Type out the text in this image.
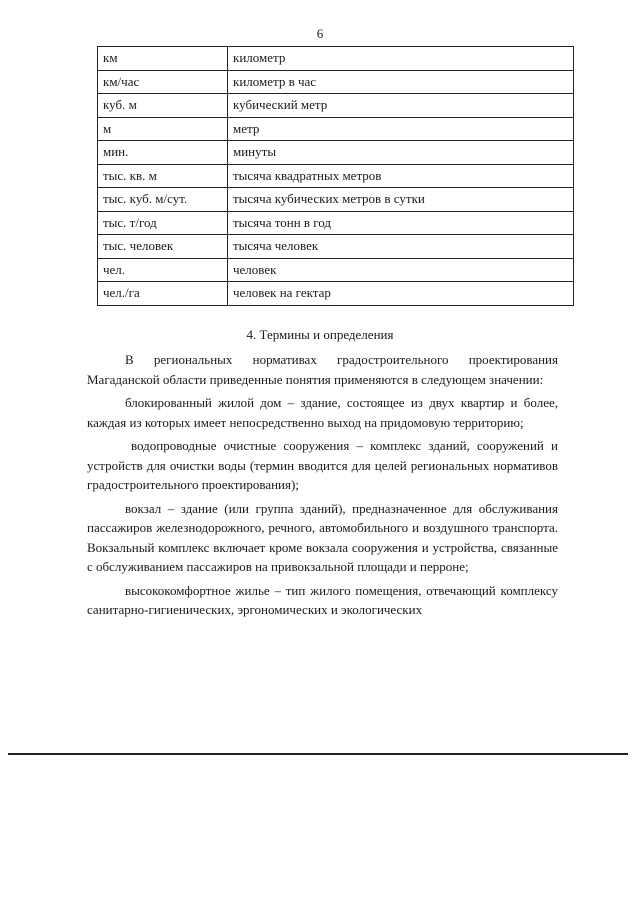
6
км	километр
км/час	километр в час
куб. м	кубический метр
м	метр
мин.	минуты
тыс. кв. м	тысяча квадратных метров
тыс. куб. м/сут.	тысяча кубических метров в сутки
тыс. т/год	тысяча тонн в год
тыс. человек	тысяча человек
чел.	человек
чел./га	человек на гектар
4. Термины и определения

В региональных нормативах градостроительного проектирования Магаданской области приведенные понятия применяются в следующем значении:

блокированный жилой дом – здание, состоящее из двух квартир и более, каждая из которых имеет непосредственно выход на придомовую территорию;

водопроводные очистные сооружения – комплекс зданий, сооружений и устройств для очистки воды (термин вводится для целей региональных нормативов градостроительного проектирования);

вокзал – здание (или группа зданий), предназначенное для обслуживания пассажиров железнодорожного, речного, автомобильного и воздушного транспорта. Вокзальный комплекс включает кроме вокзала сооружения и устройства, связанные с обслуживанием пассажиров на привокзальной площади и перроне;

высококомфортное жилье – тип жилого помещения, отвечающий комплексу санитарно-гигиенических, эргономических и экологических
